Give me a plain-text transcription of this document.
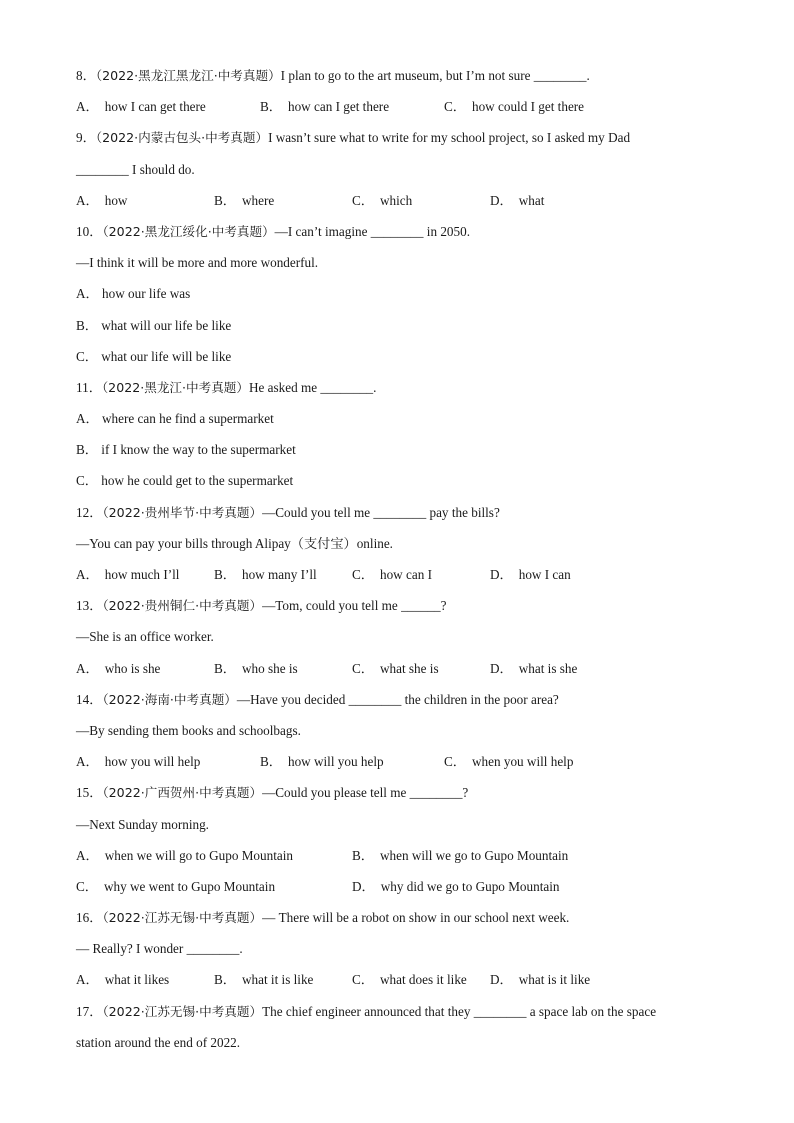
8．（2022·黑龙江黑龙江·中考真题）I plan to go to the art museum, but I’m not sure ________.
A． how I can get there	B． how can I get there	C． how could I get there
9．（2022·内蒙古包头·中考真题）I wasn’t sure what to write for my school project, so I asked my Dad
________ I should do.
A． how	B． where	C． which	D． what
10．（2022·黑龙江绥化·中考真题）—I can’t imagine ________ in 2050.
—I think it will be more and more wonderful.
A． how our life was
B． what will our life be like
C． what our life will be like
11．（2022·黑龙江·中考真题）He asked me ________.
A． where can he find a supermarket
B． if I know the way to the supermarket
C． how he could get to the supermarket
12．（2022·贵州毕节·中考真题）—Could you tell me ________ pay the bills?
—You can pay your bills through Alipay（支付宝）online.
A． how much I’ll	B． how many I’ll	C． how can I	D． how I can
13．（2022·贵州铜仁·中考真题）—Tom, could you tell me ______?
—She is an office worker.
A． who is she	B． who she is	C． what she is	D． what is she
14．（2022·海南·中考真题）—Have you decided ________ the children in the poor area?
—By sending them books and schoolbags.
A． how you will help	B． how will you help	C． when you will help
15．（2022·广西贺州·中考真题）—Could you please tell me ________?
—Next Sunday morning.
A． when we will go to Gupo Mountain	B． when will we go to Gupo Mountain
C． why we went to Gupo Mountain	D． why did we go to Gupo Mountain
16．（2022·江苏无锡·中考真题）— There will be a robot on show in our school next week.
— Really? I wonder ________.
A． what it likes	B． what it is like	C． what does it like D． what is it like
17．（2022·江苏无锡·中考真题）The chief engineer announced that they ________ a space lab on the space
station around the end of 2022.
